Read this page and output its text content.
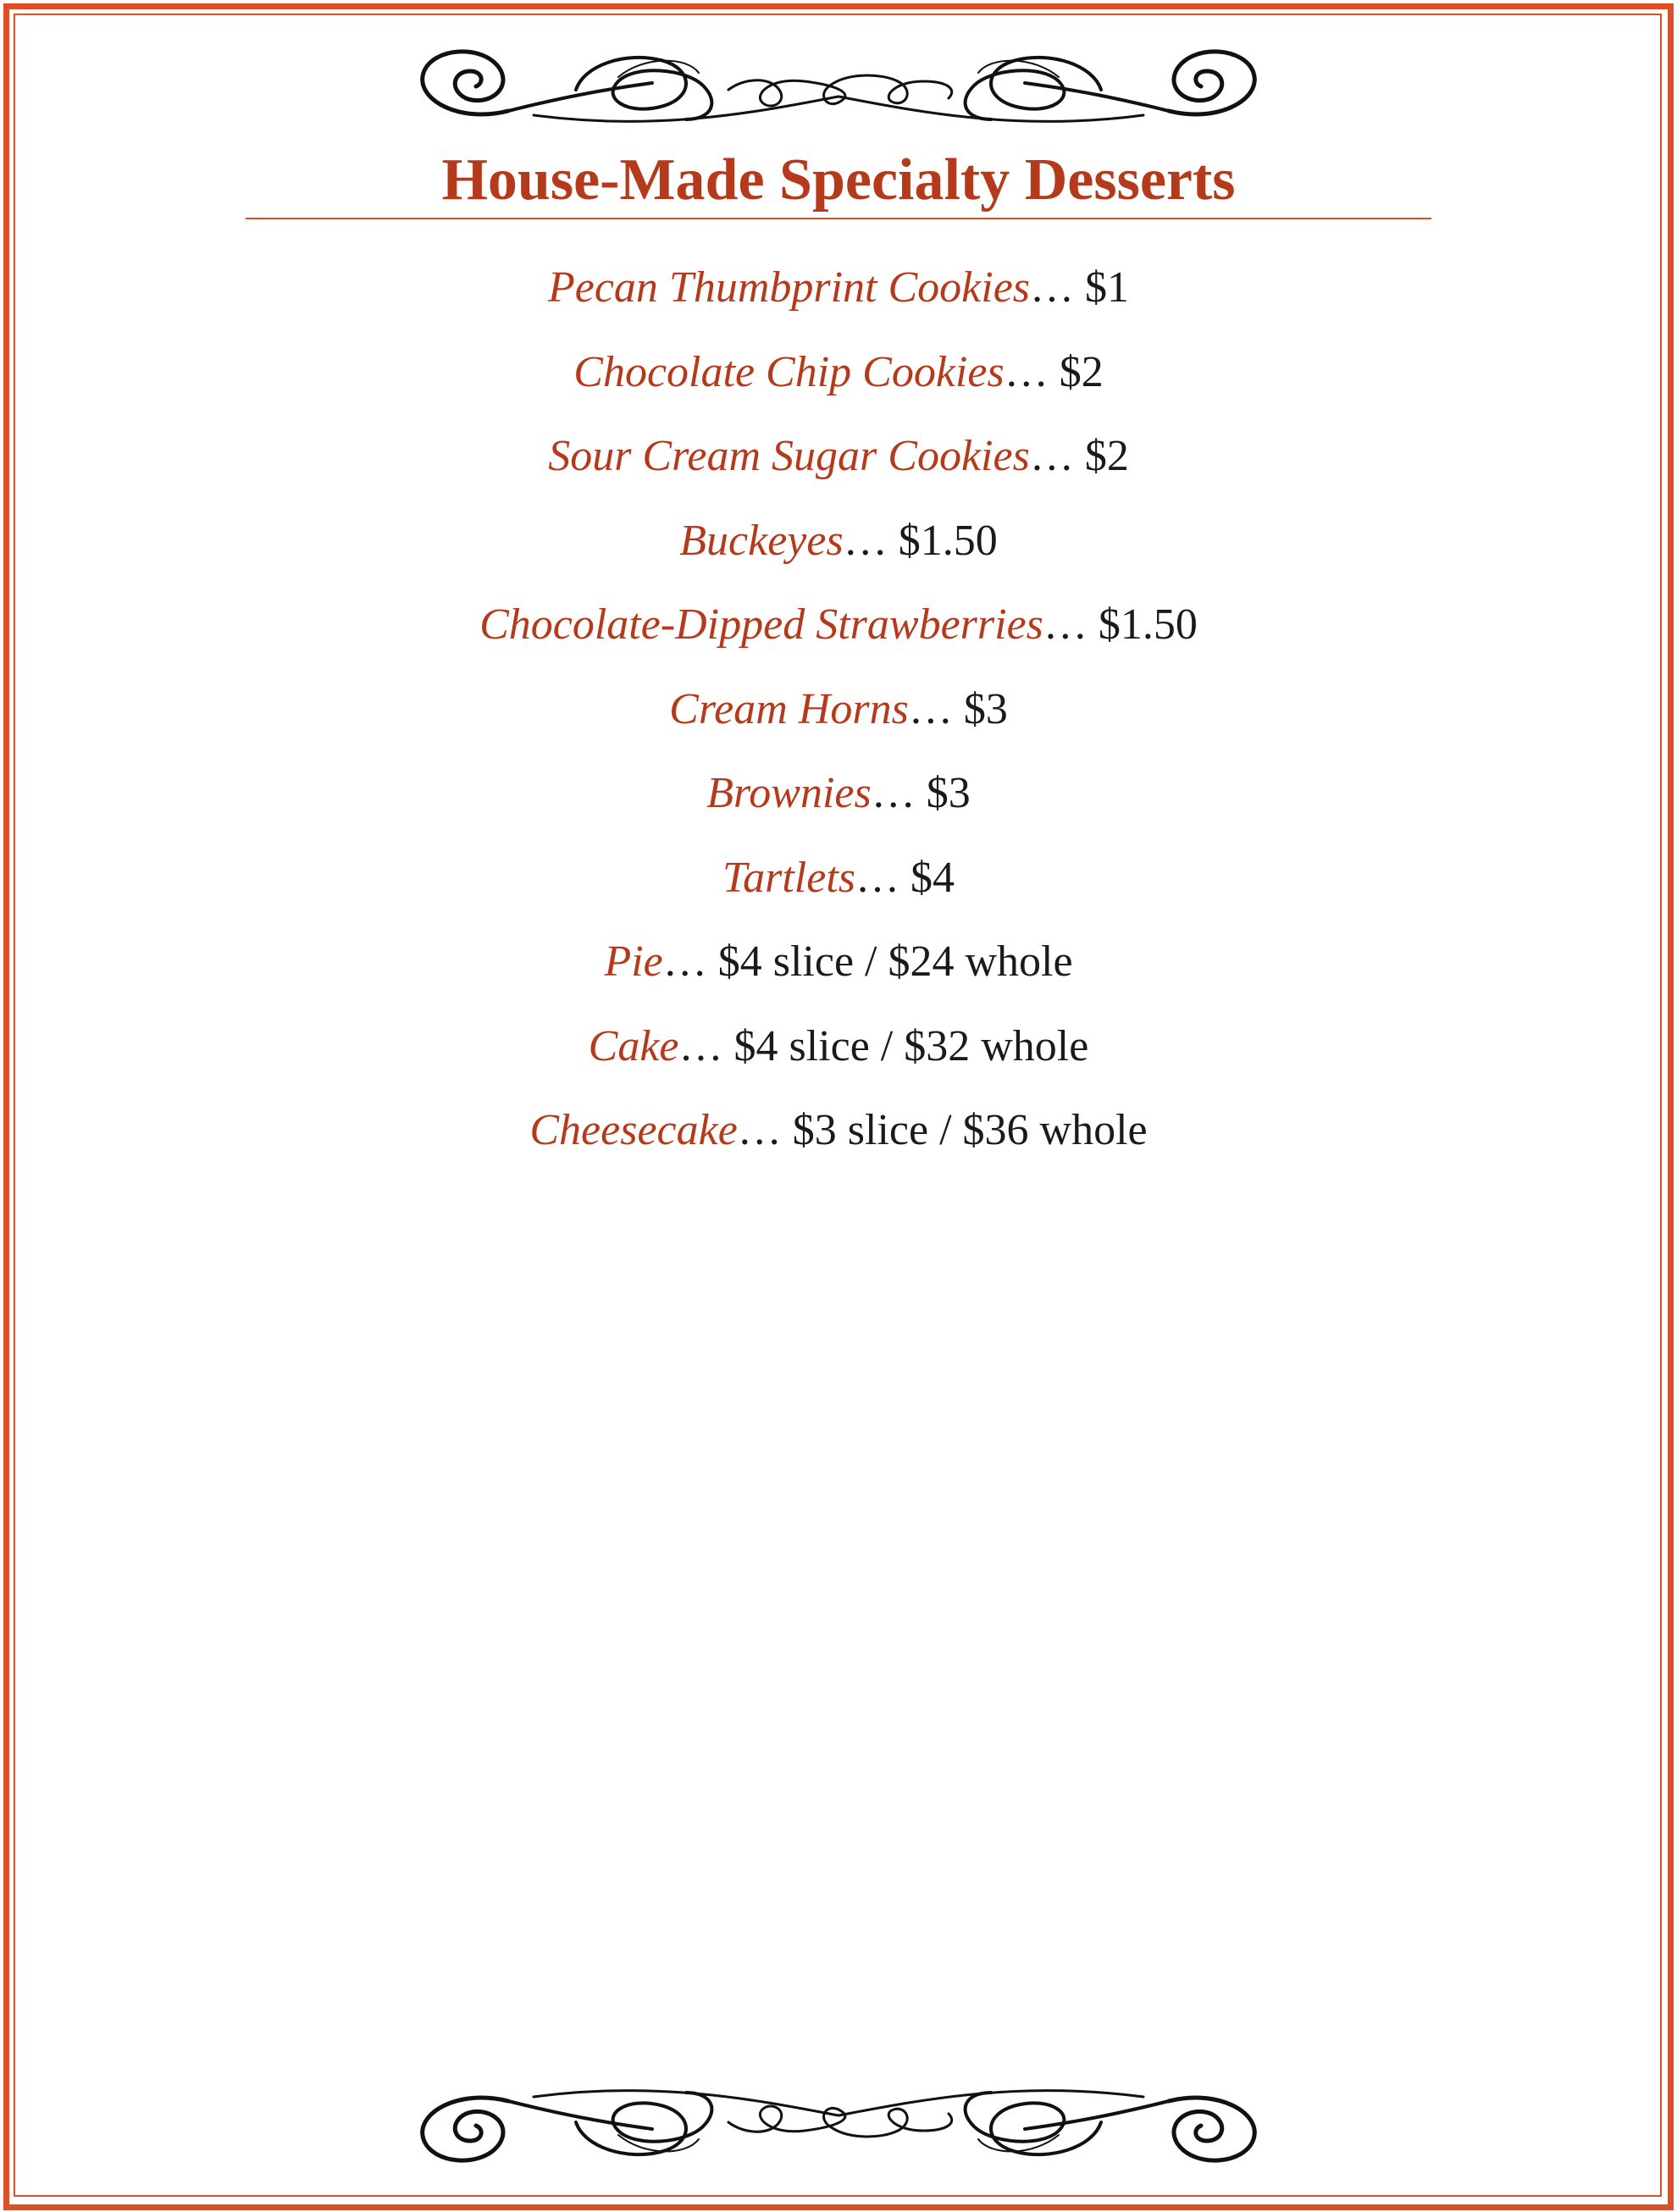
House-Made Specialty Desserts
Pecan Thumbprint Cookies… $1
Chocolate Chip Cookies… $2
Sour Cream Sugar Cookies… $2
Buckeyes… $1.50
Chocolate-Dipped Strawberries… $1.50
Cream Horns… $3
Brownies… $3
Tartlets… $4
Pie… $4 slice / $24 whole
Cake… $4 slice / $32 whole
Cheesecake… $3 slice / $36 whole
